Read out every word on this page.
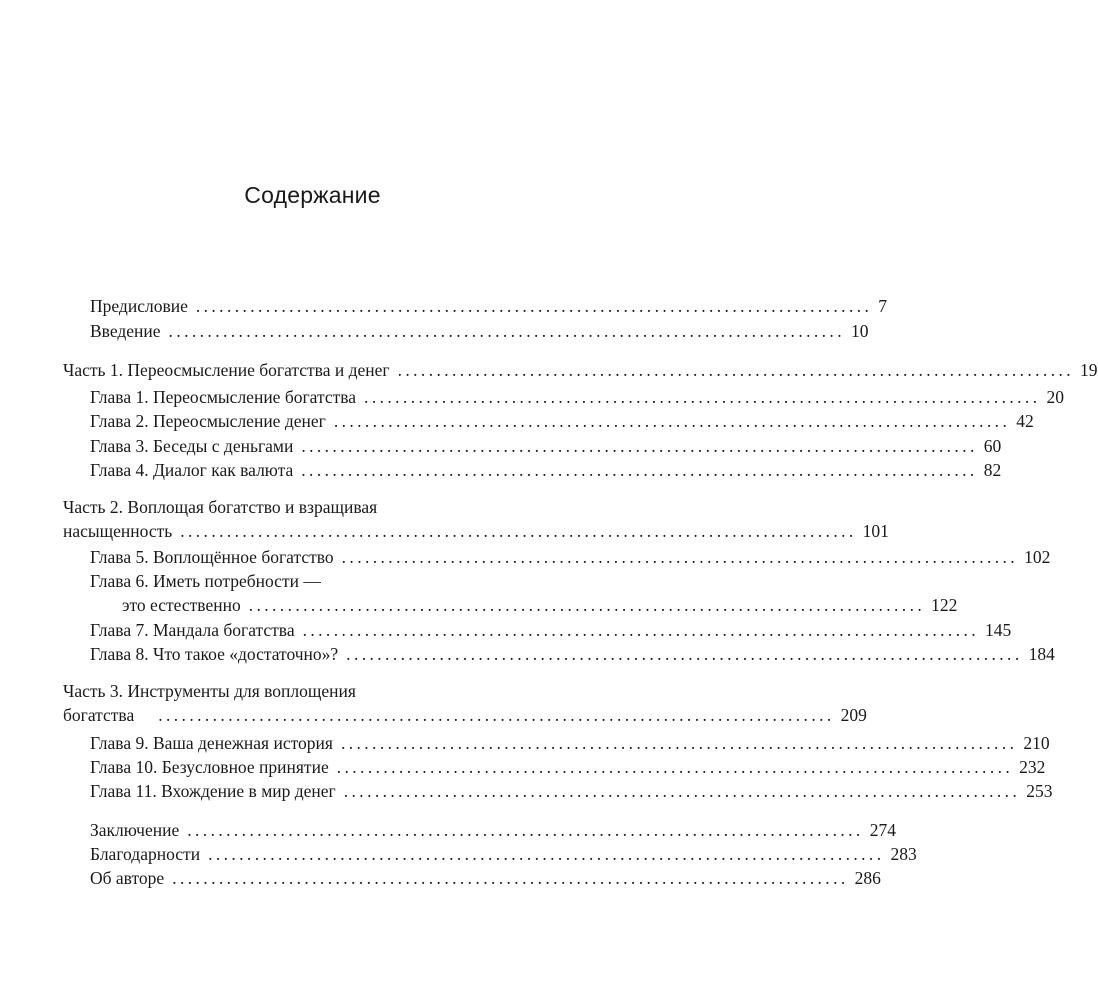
Содержание
Предисловие ....................................................................................... 7
Введение ....................................................................................... 10
Часть 1. Переосмысление богатства и денег ....................................................................................... 19
Глава 1. Переосмысление богатства ....................................................................................... 20
Глава 2. Переосмысление денег ....................................................................................... 42
Глава 3. Беседы с деньгами ....................................................................................... 60
Глава 4. Диалог как валюта ....................................................................................... 82
Часть 2. Воплощая богатство и взращивая
насыщенность ....................................................................................... 101
Глава 5. Воплощённое богатство ....................................................................................... 102
Глава 6. Иметь потребности —
это естественно ....................................................................................... 122
Глава 7. Мандала богатства ....................................................................................... 145
Глава 8. Что такое «достаточно»? ....................................................................................... 184
Часть 3. Инструменты для воплощения
богатства ....................................................................................... 209
Глава 9. Ваша денежная история ....................................................................................... 210
Глава 10. Безусловное принятие ....................................................................................... 232
Глава 11. Вхождение в мир денег ....................................................................................... 253
Заключение ....................................................................................... 274
Благодарности ....................................................................................... 283
Об авторе ....................................................................................... 286
